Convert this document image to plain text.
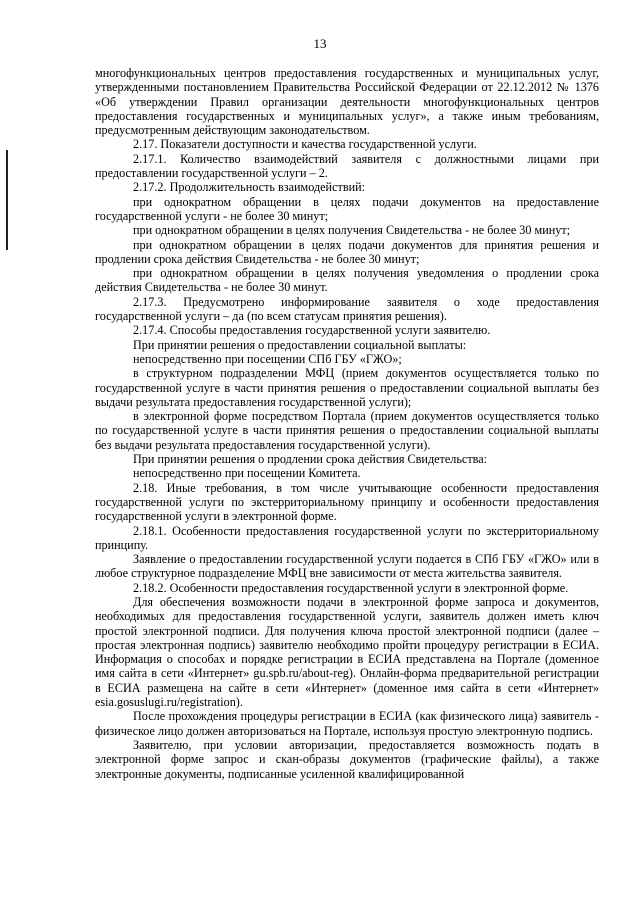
13

многофункциональных центров предоставления государственных и муниципальных услуг, утвержденными постановлением Правительства Российской Федерации от 22.12.2012 № 1376 «Об утверждении Правил организации деятельности многофункциональных центров предоставления государственных и муниципальных услуг», а также иным требованиям, предусмотренным действующим законодательством.

2.17. Показатели доступности и качества государственной услуги.

2.17.1. Количество взаимодействий заявителя с должностными лицами при предоставлении государственной услуги – 2.

2.17.2. Продолжительность взаимодействий:

при однократном обращении в целях подачи документов на предоставление государственной услуги - не более 30 минут;

при однократном обращении в целях получения Свидетельства - не более 30 минут;

при однократном обращении в целях подачи документов для принятия решения и продлении срока действия Свидетельства - не более 30 минут;

при однократном обращении в целях получения уведомления о продлении срока действия Свидетельства - не более 30 минут.

2.17.3. Предусмотрено информирование заявителя о ходе предоставления государственной услуги – да (по всем статусам принятия решения).

2.17.4. Способы предоставления государственной услуги заявителю.

При принятии решения о предоставлении социальной выплаты:

непосредственно при посещении СПб ГБУ «ГЖО»;

в структурном подразделении МФЦ (прием документов осуществляется только по государственной услуге в части принятия решения о предоставлении социальной выплаты без выдачи результата предоставления государственной услуги);

в электронной форме посредством Портала (прием документов осуществляется только по государственной услуге в части принятия решения о предоставлении социальной выплаты без выдачи результата предоставления государственной услуги).

При принятии решения о продлении срока действия Свидетельства:

непосредственно при посещении Комитета.

2.18. Иные требования, в том числе учитывающие особенности предоставления государственной услуги по экстерриториальному принципу и особенности предоставления государственной услуги в электронной форме.

2.18.1. Особенности предоставления государственной услуги по экстерриториальному принципу.

Заявление о предоставлении государственной услуги подается в СПб ГБУ «ГЖО» или в любое структурное подразделение МФЦ вне зависимости от места жительства заявителя.

2.18.2. Особенности предоставления государственной услуги в электронной форме.

Для обеспечения возможности подачи в электронной форме запроса и документов, необходимых для предоставления государственной услуги, заявитель должен иметь ключ простой электронной подписи. Для получения ключа простой электронной подписи (далее – простая электронная подпись) заявителю необходимо пройти процедуру регистрации в ЕСИА. Информация о способах и порядке регистрации в ЕСИА представлена на Портале (доменное имя сайта в сети «Интернет» gu.spb.ru/about-reg). Онлайн-форма предварительной регистрации в ЕСИА размещена на сайте в сети «Интернет» (доменное имя сайта в сети «Интернет» esia.gosuslugi.ru/registration).

После прохождения процедуры регистрации в ЕСИА (как физического лица) заявитель - физическое лицо должен авторизоваться на Портале, используя простую электронную подпись.

Заявителю, при условии авторизации, предоставляется возможность подать в электронной форме запрос и скан-образы документов (графические файлы), а также электронные документы, подписанные усиленной квалифицированной
